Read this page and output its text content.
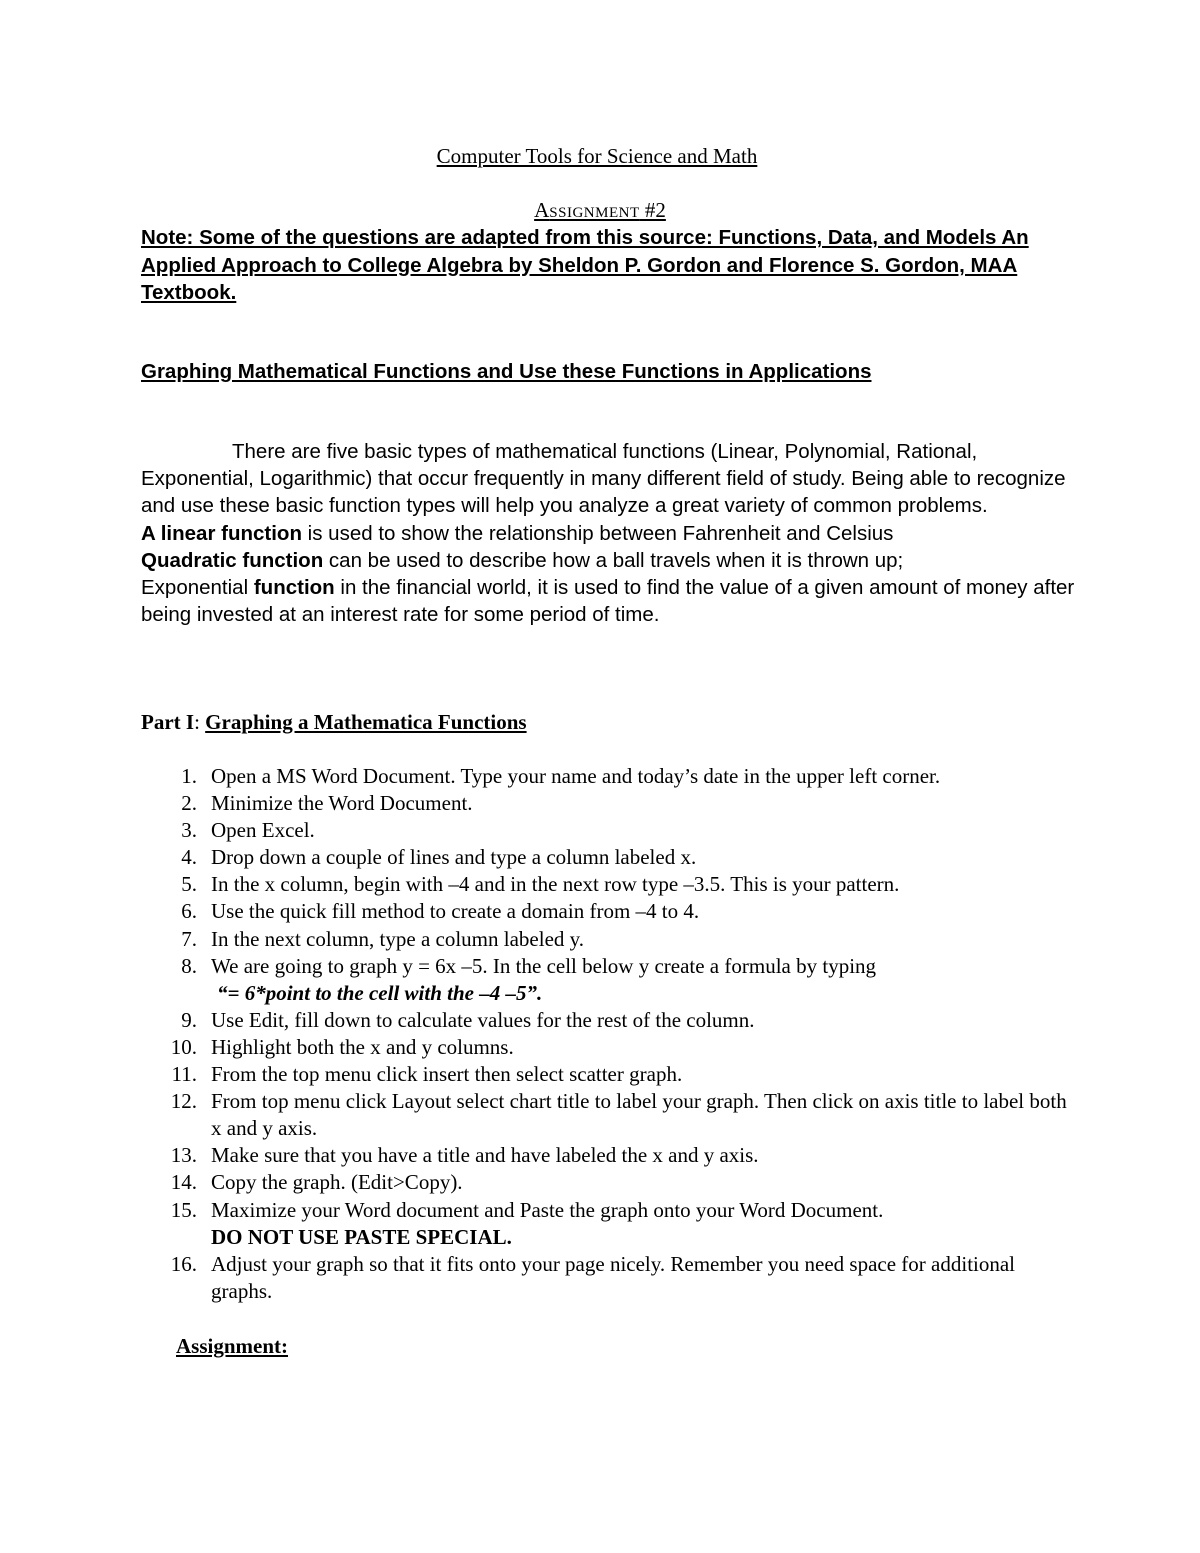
Computer Tools for Science and Math
ASSIGNMENT #2
Note: Some of the questions are adapted from this source: Functions, Data, and Models An Applied Approach to College Algebra by Sheldon P. Gordon and Florence S. Gordon, MAA Textbook.
Graphing Mathematical Functions and Use these Functions in Applications

There are five basic types of mathematical functions (Linear, Polynomial, Rational, Exponential, Logarithmic) that occur frequently in many different field of study. Being able to recognize and use these basic function types will help you analyze a great variety of common problems.

A linear function is used to show the relationship between Fahrenheit and Celsius

Quadratic function can be used to describe how a ball travels when it is thrown up;

Exponential function in the financial world, it is used to find the value of a given amount of money after being invested at an interest rate for some period of time.

Part I: Graphing a Mathematica Functions
1. Open a MS Word Document. Type your name and today’s date in the upper left corner.
2. Minimize the Word Document.
3. Open Excel.
4. Drop down a couple of lines and type a column labeled x.
5. In the x column, begin with –4 and in the next row type –3.5. This is your pattern.
6. Use the quick fill method to create a domain from –4 to 4.
7. In the next column, type a column labeled y.
8. We are going to graph y = 6x –5. In the cell below y create a formula by typing
“= 6*point to the cell with the –4 –5”.
9. Use Edit, fill down to calculate values for the rest of the column.
10. Highlight both the x and y columns.
11. From the top menu click insert then select scatter graph.
12. From top menu click Layout select chart title to label your graph. Then click on axis title to label both x and y axis.
13. Make sure that you have a title and have labeled the x and y axis.
14. Copy the graph. (Edit>Copy).
15. Maximize your Word document and Paste the graph onto your Word Document.
DO NOT USE PASTE SPECIAL.
16. Adjust your graph so that it fits onto your page nicely. Remember you need space for additional graphs.
Assignment:
